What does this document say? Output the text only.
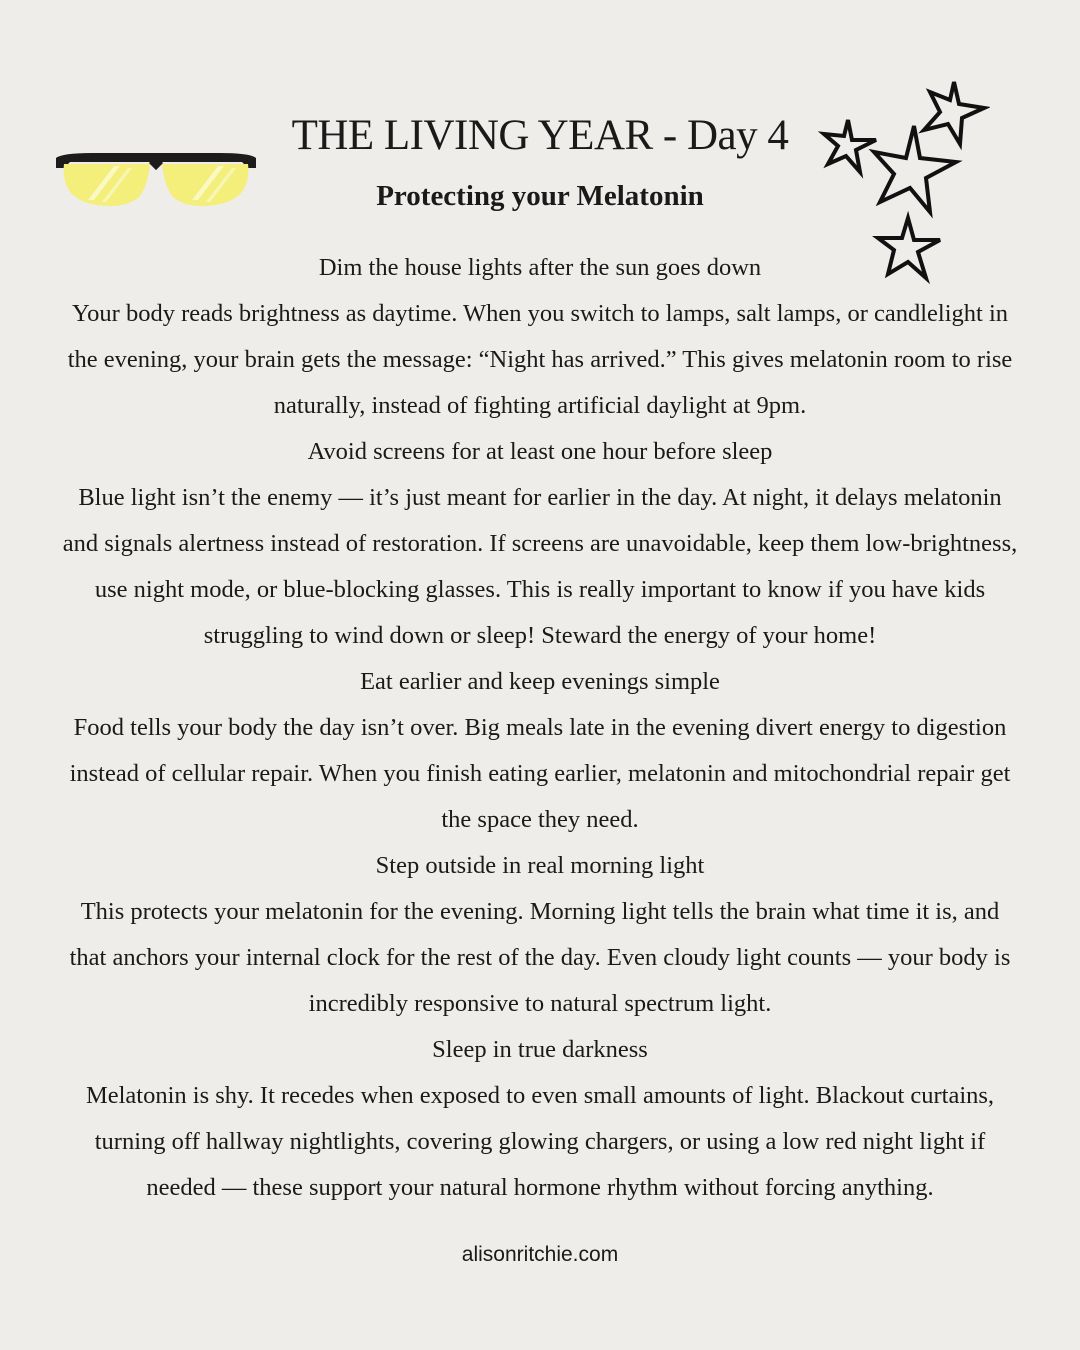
THE LIVING YEAR - Day 4
Protecting your Melatonin

Dim the house lights after the sun goes down

Your body reads brightness as daytime. When you switch to lamps, salt lamps, or candlelight in the evening, your brain gets the message: “Night has arrived.” This gives melatonin room to rise naturally, instead of fighting artificial daylight at 9pm.

Avoid screens for at least one hour before sleep

Blue light isn’t the enemy — it’s just meant for earlier in the day. At night, it delays melatonin and signals alertness instead of restoration. If screens are unavoidable, keep them low-brightness, use night mode, or blue-blocking glasses. This is really important to know if you have kids struggling to wind down or sleep! Steward the energy of your home!

Eat earlier and keep evenings simple

Food tells your body the day isn’t over. Big meals late in the evening divert energy to digestion instead of cellular repair. When you finish eating earlier, melatonin and mitochondrial repair get the space they need.

Step outside in real morning light

This protects your melatonin for the evening. Morning light tells the brain what time it is, and that anchors your internal clock for the rest of the day. Even cloudy light counts — your body is incredibly responsive to natural spectrum light.

Sleep in true darkness

Melatonin is shy. It recedes when exposed to even small amounts of light. Blackout curtains, turning off hallway nightlights, covering glowing chargers, or using a low red night light if needed — these support your natural hormone rhythm without forcing anything.

alisonritchie.com
